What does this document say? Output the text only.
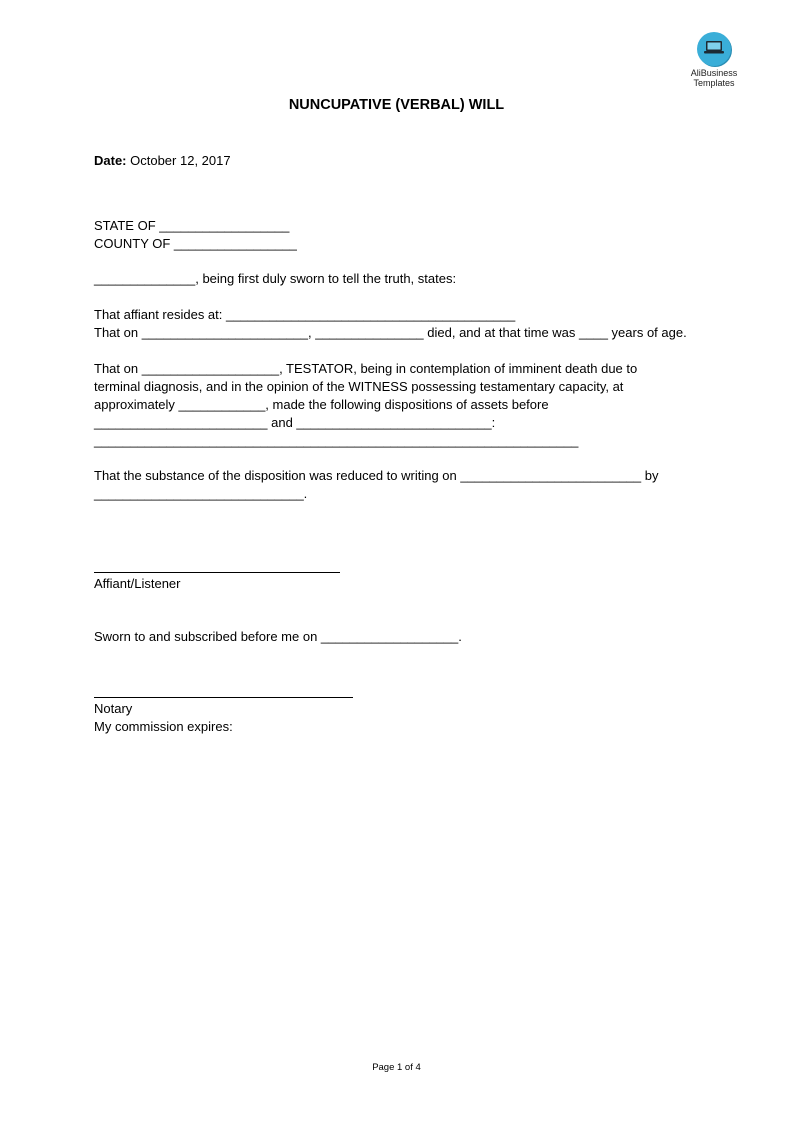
AliBusiness
Templates
NUNCUPATIVE (VERBAL) WILL
Date: October 12, 2017
STATE OF __________________
COUNTY OF _________________
______________, being first duly sworn to tell the truth, states:
That affiant resides at: ________________________________________
That on _______________________, _______________ died, and at that time was ____ years of age.
That on ___________________, TESTATOR, being in contemplation of imminent death due to
terminal diagnosis, and in the opinion of the WITNESS possessing testamentary capacity, at
approximately ____________, made the following dispositions of assets before
________________________ and ___________________________:
___________________________________________________________________
That the substance of the disposition was reduced to writing on _________________________ by
_____________________________.
Affiant/Listener
Sworn to and subscribed before me on ___________________.
Notary
My commission expires:
Page 1 of 4
